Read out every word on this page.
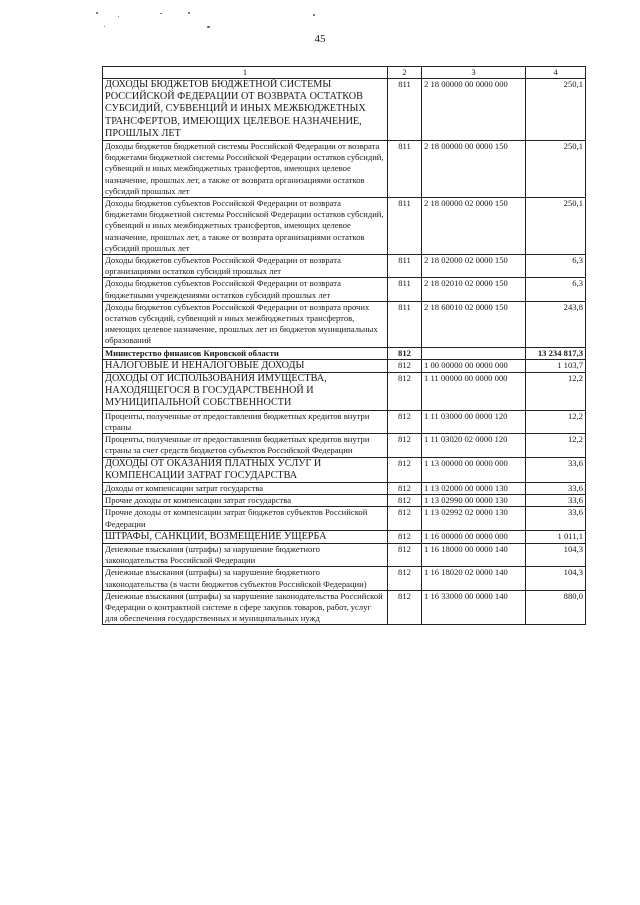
45
1	2	3	4
ДОХОДЫ БЮДЖЕТОВ БЮДЖЕТНОЙ СИСТЕМЫ РОССИЙСКОЙ ФЕДЕРАЦИИ ОТ ВОЗВРАТА ОСТАТКОВ СУБСИДИЙ, СУБВЕНЦИЙ И ИНЫХ МЕЖБЮДЖЕТНЫХ ТРАНСФЕРТОВ, ИМЕЮЩИХ ЦЕЛЕВОЕ НАЗНАЧЕНИЕ, ПРОШЛЫХ ЛЕТ	811	2 18 00000 00 0000 000	250,1
Доходы бюджетов бюджетной системы Российской Федерации от возврата бюджетами бюджетной системы Российской Федерации остатков субсидий, субвенций и иных межбюджетных трансфертов, имеющих целевое назначение, прошлых лет, а также от возврата организациями остатков субсидий прошлых лет	811	2 18 00000 00 0000 150	250,1
Доходы бюджетов субъектов Российской Федерации от возврата бюджетами бюджетной системы Российской Федерации остатков субсидий, субвенций и иных межбюджетных трансфертов, имеющих целевое назначение, прошлых лет, а также от возврата организациями остатков субсидий прошлых лет	811	2 18 00000 02 0000 150	250,1
Доходы бюджетов субъектов Российской Федерации от возврата организациями остатков субсидий прошлых лет	811	2 18 02000 02 0000 150	6,3
Доходы бюджетов субъектов Российской Федерации от возврата бюджетными учреждениями остатков субсидий прошлых лет	811	2 18 02010 02 0000 150	6,3
Доходы бюджетов субъектов Российской Федерации от возврата прочих остатков субсидий, субвенций и иных межбюджетных трансфертов, имеющих целевое назначение, прошлых лет из бюджетов муниципальных образований	811	2 18 60010 02 0000 150	243,8
Министерство финансов Кировской области	812		13 234 817,3
НАЛОГОВЫЕ И НЕНАЛОГОВЫЕ ДОХОДЫ	812	1 00 00000 00 0000 000	1 103,7
ДОХОДЫ ОТ ИСПОЛЬЗОВАНИЯ ИМУЩЕСТВА, НАХОДЯЩЕГОСЯ В ГОСУДАРСТВЕННОЙ И МУНИЦИПАЛЬНОЙ СОБСТВЕННОСТИ	812	1 11 00000 00 0000 000	12,2
Проценты, полученные от предоставления бюджетных кредитов внутри страны	812	1 11 03000 00 0000 120	12,2
Проценты, полученные от предоставления бюджетных кредитов внутри страны за счет средств бюджетов субъектов Российской Федерации	812	1 11 03020 02 0000 120	12,2
ДОХОДЫ ОТ ОКАЗАНИЯ ПЛАТНЫХ УСЛУГ И КОМПЕНСАЦИИ ЗАТРАТ ГОСУДАРСТВА	812	1 13 00000 00 0000 000	33,6
Доходы от компенсации затрат государства	812	1 13 02000 00 0000 130	33,6
Прочие доходы от компенсации затрат государства	812	1 13 02990 00 0000 130	33,6
Прочие доходы от компенсации затрат бюджетов субъектов Российской Федерации	812	1 13 02992 02 0000 130	33,6
ШТРАФЫ, САНКЦИИ, ВОЗМЕЩЕНИЕ УЩЕРБА	812	1 16 00000 00 0000 000	1 011,1
Денежные взыскания (штрафы) за нарушение бюджетного законодательства Российской Федерации	812	1 16 18000 00 0000 140	104,3
Денежные взыскания (штрафы) за нарушение бюджетного законодательства (в части бюджетов субъектов Российской Федерации)	812	1 16 18020 02 0000 140	104,3
Денежные взыскания (штрафы) за нарушение законодательства Российской Федерации о контрактной системе в сфере закупок товаров, работ, услуг для обеспечения государственных и муниципальных нужд	812	1 16 33000 00 0000 140	880,0
